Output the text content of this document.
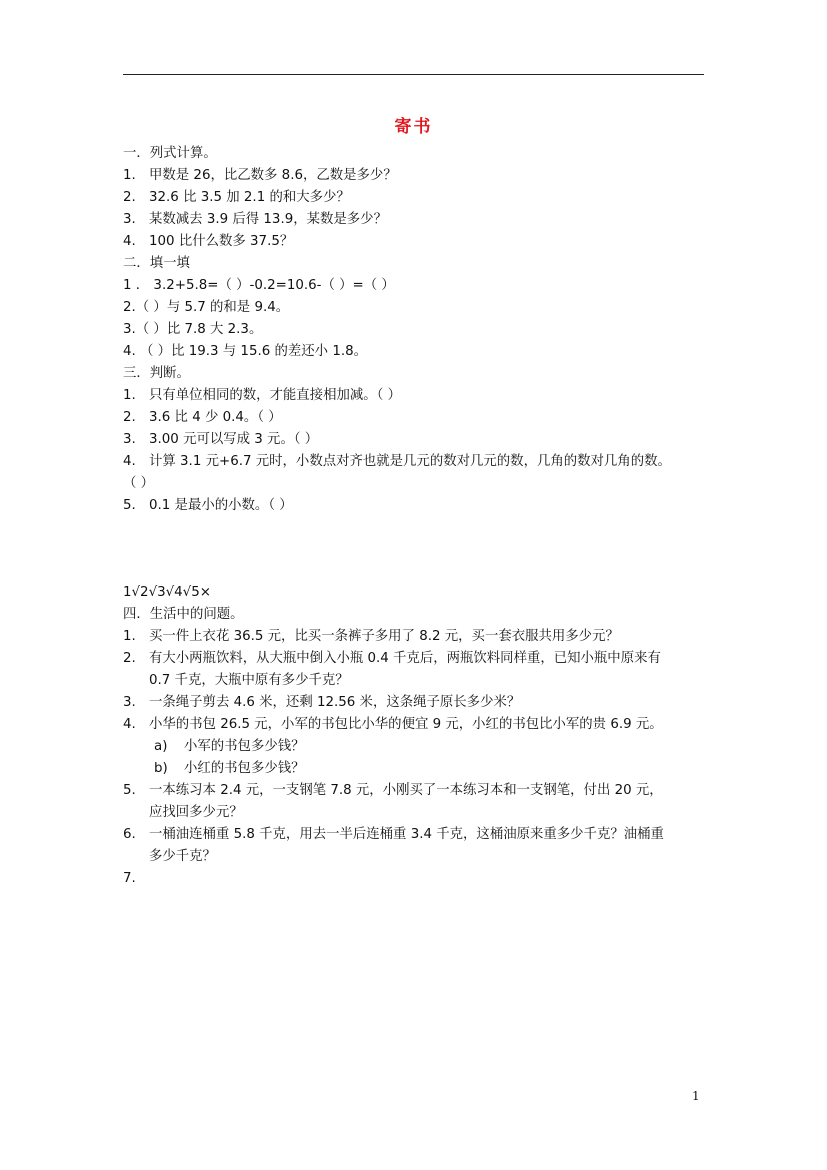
寄书
一．列式计算。
1. 甲数是 26，比乙数多 8.6，乙数是多少？
2. 32.6 比 3.5 加 2.1 的和大多少？
3. 某数减去 3.9 后得 13.9，某数是多少？
4. 100 比什么数多 37.5？
二．填一填
1 ． 3.2+5.8=（ ）-0.2=10.6-（ ）=（ ）
2.（ ）与 5.7 的和是 9.4。
3.（ ）比 7.8 大 2.3。
4. （ ）比 19.3 与 15.6 的差还小 1.8。
三．判断。
1. 只有单位相同的数，才能直接相加减。（ ）
2. 3.6 比 4 少 0.4。（ ）
3. 3.00 元可以写成 3 元。（ ）
4. 计算 3.1 元+6.7 元时，小数点对齐也就是几元的数对几元的数，几角的数对几角的数。
（ ）
5. 0.1 是最小的小数。（ ）
1√2√3√4√5×
四．生活中的问题。
1. 买一件上衣花 36.5 元，比买一条裤子多用了 8.2 元，买一套衣服共用多少元？
2. 有大小两瓶饮料，从大瓶中倒入小瓶 0.4 千克后，两瓶饮料同样重，已知小瓶中原来有
0.7 千克，大瓶中原有多少千克？
3. 一条绳子剪去 4.6 米，还剩 12.56 米，这条绳子原长多少米？
4. 小华的书包 26.5 元，小军的书包比小华的便宜 9 元，小红的书包比小军的贵 6.9 元。
a)	小军的书包多少钱？
b)	小红的书包多少钱？
5. 一本练习本 2.4 元，一支钢笔 7.8 元，小刚买了一本练习本和一支钢笔，付出 20 元，
应找回多少元？
6. 一桶油连桶重 5.8 千克，用去一半后连桶重 3.4 千克，这桶油原来重多少千克？油桶重
多少千克？
7.
1
